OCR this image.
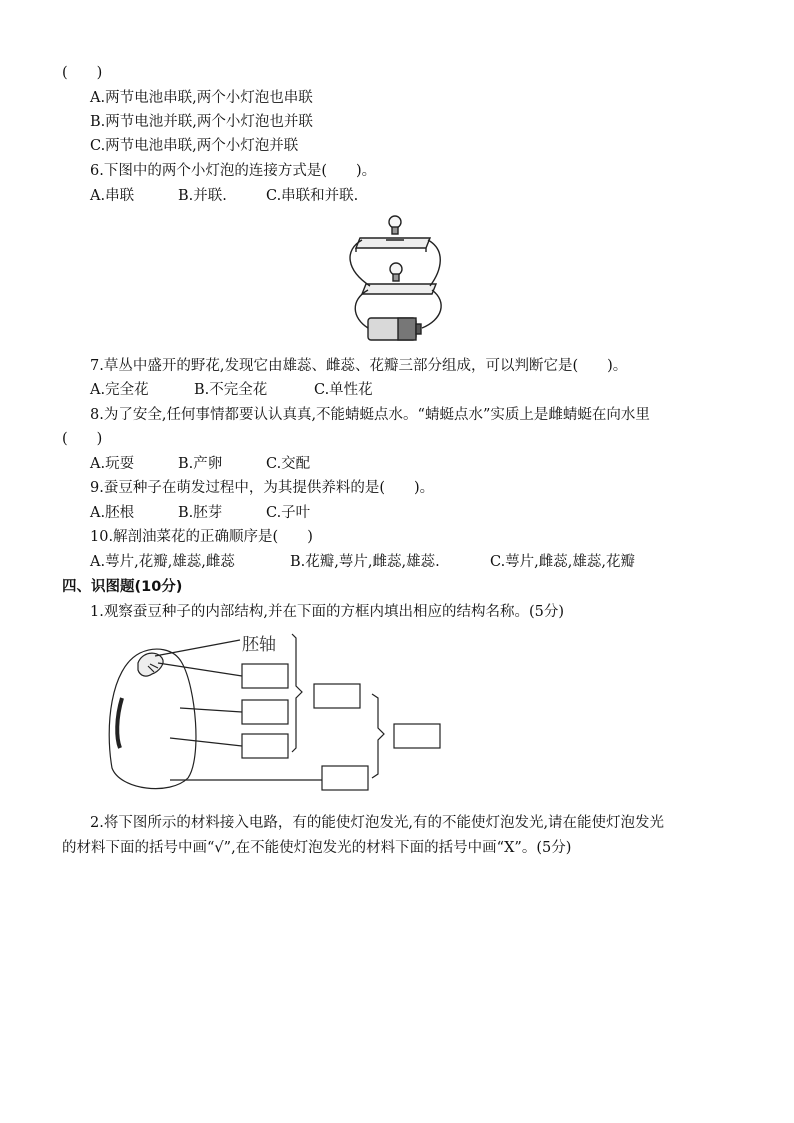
(　　)
A.两节电池串联,两个小灯泡也串联
B.两节电池并联,两个小灯泡也并联
C.两节电池串联,两个小灯泡并联
6.下图中的两个小灯泡的连接方式是(　　)。
A.串联	B.并联.	C.串联和并联.
7.草丛中盛开的野花,发现它由雄蕊、雌蕊、花瓣三部分组成，可以判断它是(　　)。
A.完全花	B.不完全花	C.单性花
8.为了安全,任何事情都要认认真真,不能蜻蜓点水。“蜻蜓点水”实质上是雌蜻蜓在向水里
(　　)
A.玩耍	B.产卵	C.交配
9.蚕豆种子在萌发过程中，为其提供养料的是(　　)。
A.胚根	B.胚芽	C.子叶
10.解剖油菜花的正确顺序是(　　)
A.萼片,花瓣,雄蕊,雌蕊	B.花瓣,萼片,雌蕊,雄蕊.	C.萼片,雌蕊,雄蕊,花瓣
四、识图题(10分)
1.观察蚕豆种子的内部结构,并在下面的方框内填出相应的结构名称。(5分)
胚轴
2.将下图所示的材料接入电路，有的能使灯泡发光,有的不能使灯泡发光,请在能使灯泡发光
的材料下面的括号中画“√”,在不能使灯泡发光的材料下面的括号中画“X”。(5分)
